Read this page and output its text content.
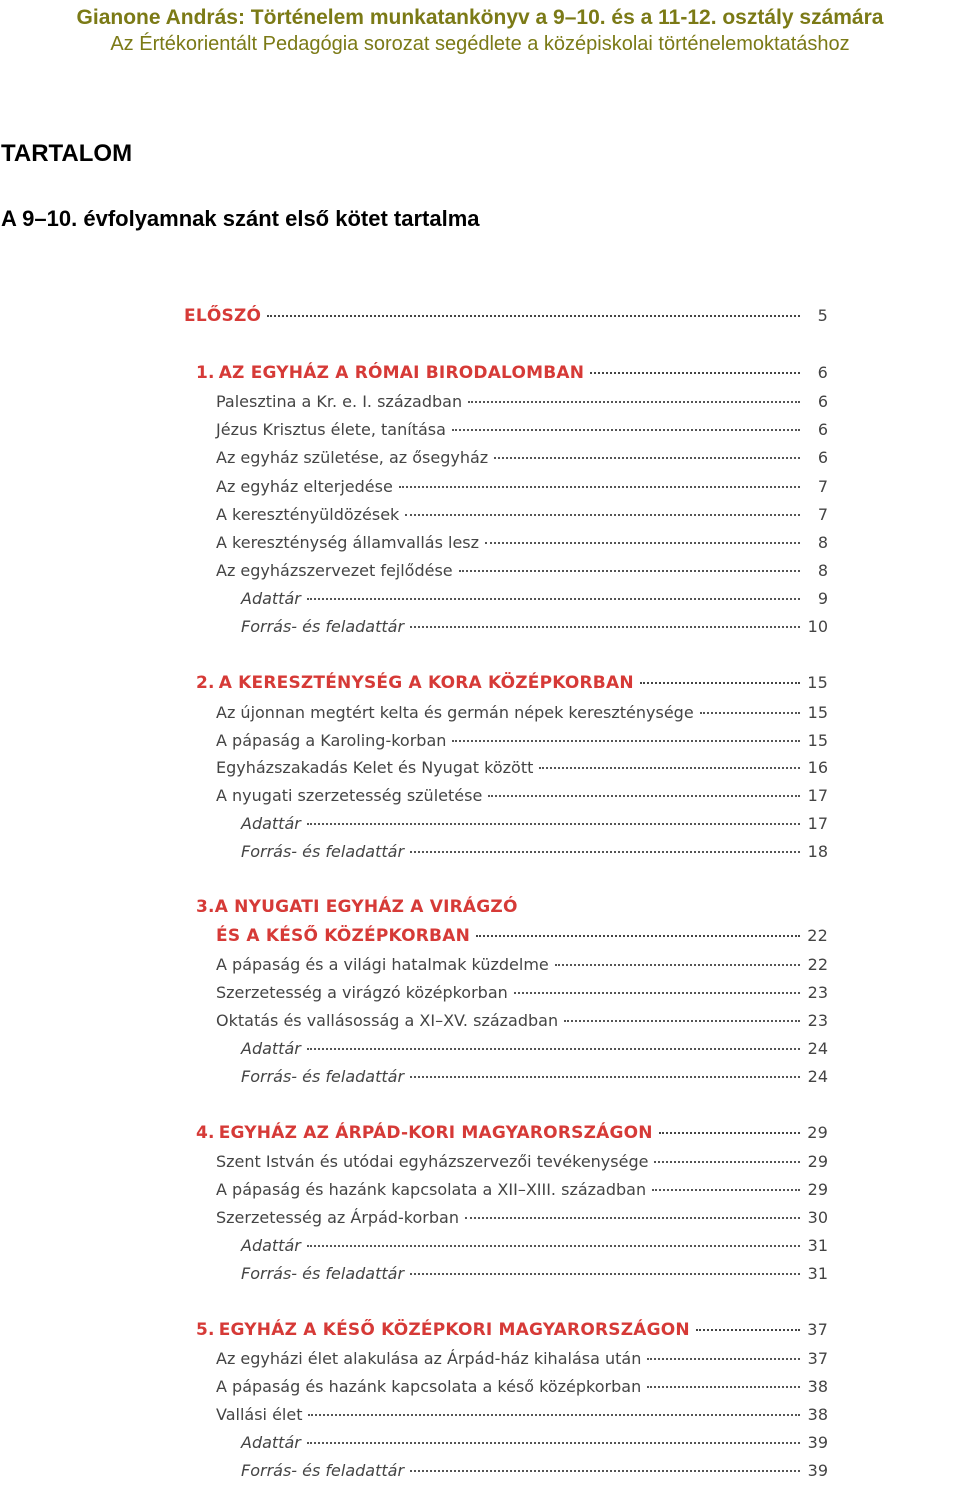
Gianone András: Történelem munkatankönyv a 9–10. és a 11-12. osztály számára
Az Értékorientált Pedagógia sorozat segédlete a középiskolai történelemoktatáshoz
TARTALOM
A 9–10. évfolyamnak szánt első kötet tartalma
ELŐSZÓ	5
1. AZ EGYHÁZ A RÓMAI BIRODALOMBAN	6
Palesztina a Kr. e. I. században	6
Jézus Krisztus élete, tanítása	6
Az egyház születése, az ősegyház	6
Az egyház elterjedése	7
A keresztényüldözések	7
A kereszténység államvallás lesz	8
Az egyházszervezet fejlődése	8
Adattár	9
Forrás- és feladattár	10
2. A KERESZTÉNYSÉG A KORA KÖZÉPKORBAN	15
Az újonnan megtért kelta és germán népek kereszténysége	15
A pápaság a Karoling-korban	15
Egyházszakadás Kelet és Nyugat között	16
A nyugati szerzetesség születése	17
Adattár	17
Forrás- és feladattár	18
3. A NYUGATI EGYHÁZ A VIRÁGZÓ
ÉS A KÉSŐ KÖZÉPKORBAN	22
A pápaság és a világi hatalmak küzdelme	22
Szerzetesség a virágzó középkorban	23
Oktatás és vallásosság a XI–XV. században	23
Adattár	24
Forrás- és feladattár	24
4. EGYHÁZ AZ ÁRPÁD-KORI MAGYARORSZÁGON	29
Szent István és utódai egyházszervezői tevékenysége	29
A pápaság és hazánk kapcsolata a XII–XIII. században	29
Szerzetesség az Árpád-korban	30
Adattár	31
Forrás- és feladattár	31
5. EGYHÁZ A KÉSŐ KÖZÉPKORI MAGYARORSZÁGON	37
Az egyházi élet alakulása az Árpád-ház kihalása után	37
A pápaság és hazánk kapcsolata a késő középkorban	38
Vallási élet	38
Adattár	39
Forrás- és feladattár	39
